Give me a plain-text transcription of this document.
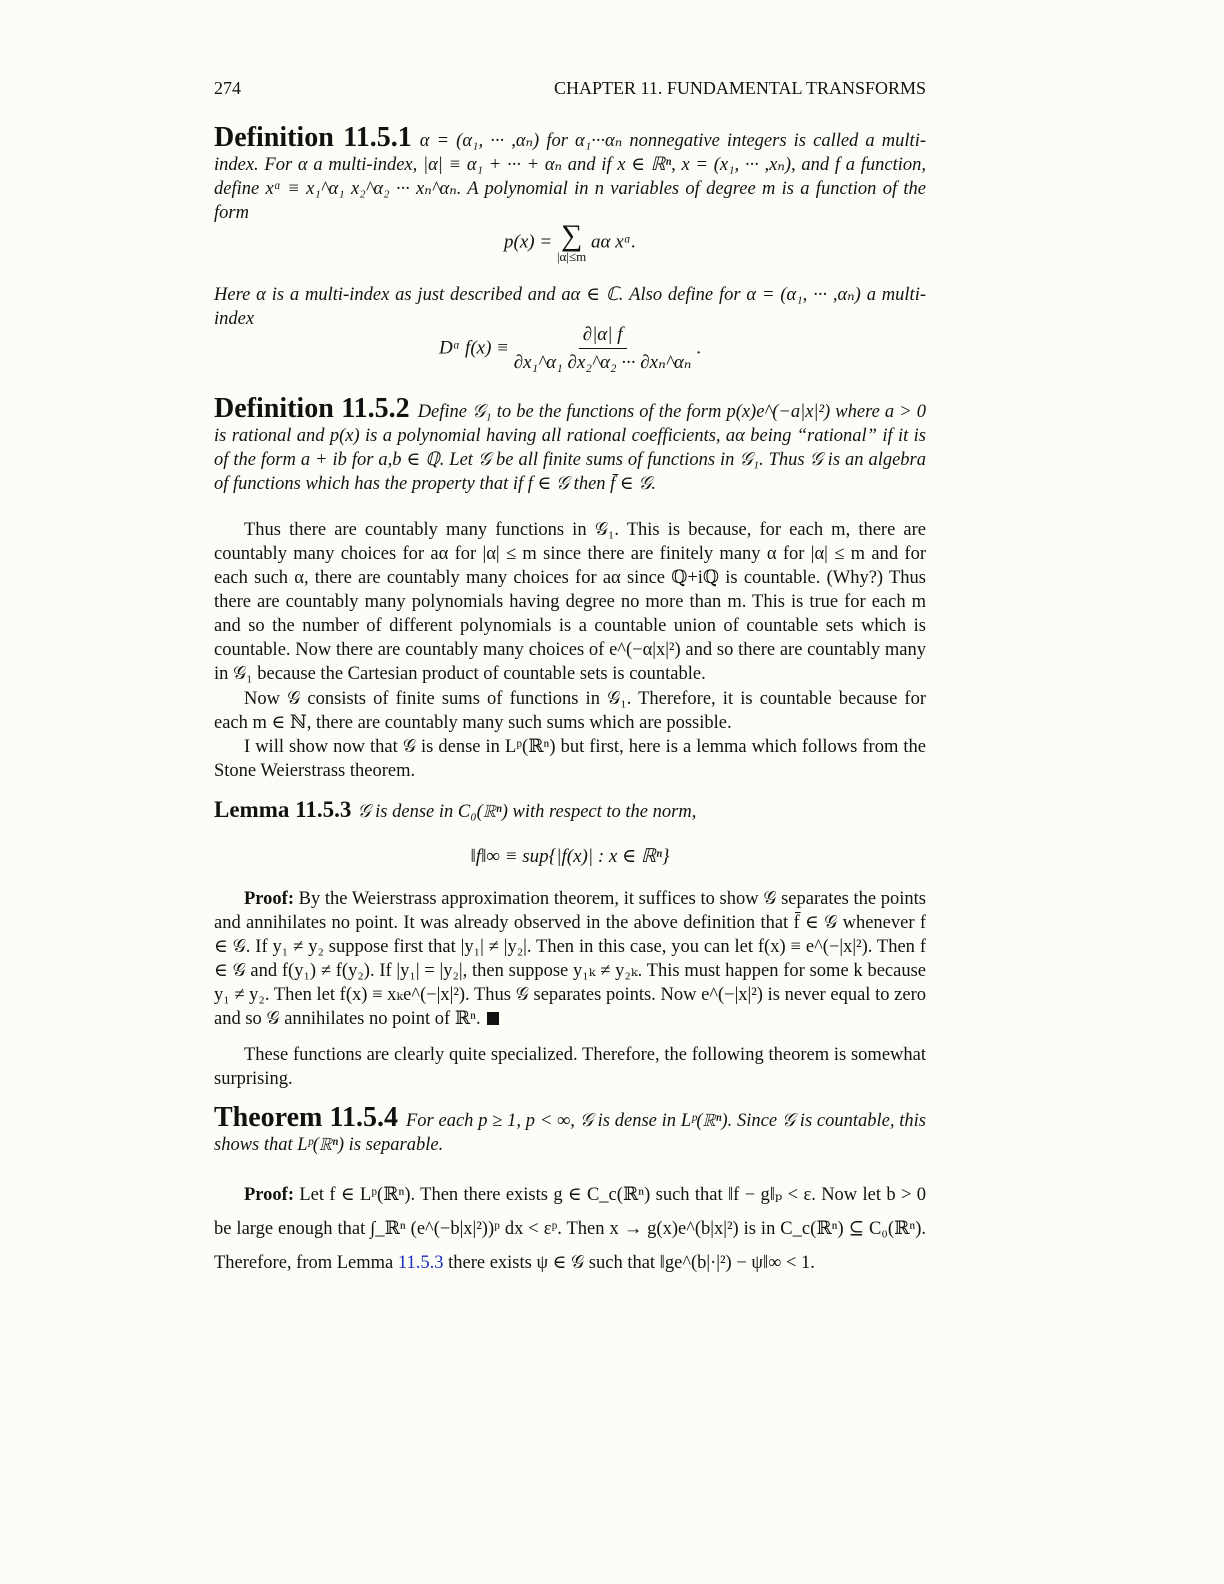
274	CHAPTER 11. FUNDAMENTAL TRANSFORMS
Definition 11.5.1 α = (α₁, ··· ,αₙ) for α₁···αₙ nonnegative integers is called a multi-index. For α a multi-index, |α| ≡ α₁ + ··· + αₙ and if x ∈ ℝⁿ, x = (x₁, ··· ,xₙ), and f a function, define xᵅ ≡ x₁^α₁ x₂^α₂ ··· xₙ^αₙ. A polynomial in n variables of degree m is a function of the form
p(x) = ∑
|α|≤m
aα xᵅ.
Here α is a multi-index as just described and aα ∈ ℂ. Also define for α = (α₁, ··· ,αₙ) a multi-index
Dᵅ $f(x) \equiv \frac{\partial|\alpha| f}{\text{∂x₁\textasciicircum{}α₁ ∂x₂\textasciicircum{}α₂ ··· ∂xₙ\textasciicircum{}αₙ}}$ .
Definition 11.5.2 Define 𝒢₁ to be the functions of the form p(x)e^(−a|x|²) where a > 0 is rational and p(x) is a polynomial having all rational coefficients, aα being “rational” if it is of the form a + ib for a,b ∈ ℚ. Let 𝒢 be all finite sums of functions in 𝒢₁. Thus 𝒢 is an algebra of functions which has the property that if f ∈ 𝒢 then f̄ ∈ 𝒢.
Thus there are countably many functions in 𝒢₁. This is because, for each m, there are countably many choices for aα for |α| ≤ m since there are finitely many α for |α| ≤ m and for each such α, there are countably many choices for aα since ℚ+iℚ is countable. (Why?) Thus there are countably many polynomials having degree no more than m. This is true for each m and so the number of different polynomials is a countable union of countable sets which is countable. Now there are countably many choices of e^(−α|x|²) and so there are countably many in 𝒢₁ because the Cartesian product of countable sets is countable.
Now 𝒢 consists of finite sums of functions in 𝒢₁. Therefore, it is countable because for each m ∈ ℕ, there are countably many such sums which are possible.
I will show now that 𝒢 is dense in Lᵖ(ℝⁿ) but first, here is a lemma which follows from the Stone Weierstrass theorem.
Lemma 11.5.3 𝒢 is dense in C₀(ℝⁿ) with respect to the norm,
‖f‖∞ ≡ sup{|f(x)| : x ∈ ℝⁿ}
Proof: By the Weierstrass approximation theorem, it suffices to show 𝒢 separates the points and annihilates no point. It was already observed in the above definition that f̄ ∈ 𝒢 whenever f ∈ 𝒢. If y₁ ≠ y₂ suppose first that |y₁| ≠ |y₂|. Then in this case, you can let f(x) ≡ e^(−|x|²). Then f ∈ 𝒢 and f(y₁) ≠ f(y₂). If |y₁| = |y₂|, then suppose y₁ₖ ≠ y₂ₖ. This must happen for some k because y₁ ≠ y₂. Then let f(x) ≡ xₖe^(−|x|²). Thus 𝒢 separates points. Now e^(−|x|²) is never equal to zero and so 𝒢 annihilates no point of ℝⁿ.
These functions are clearly quite specialized. Therefore, the following theorem is somewhat surprising.
Theorem 11.5.4 For each p ≥ 1, p < ∞, 𝒢 is dense in Lᵖ(ℝⁿ). Since 𝒢 is countable, this shows that Lᵖ(ℝⁿ) is separable.
Proof: Let f ∈ Lᵖ(ℝⁿ). Then there exists g ∈ C_c(ℝⁿ) such that ‖f − g‖ₚ < ε. Now let b > 0 be large enough that ∫_ℝⁿ (e^(−b|x|²))ᵖ dx < εᵖ. Then x → g(x)e^(b|x|²) is in C_c(ℝⁿ) ⊆ C₀(ℝⁿ). Therefore, from Lemma 11.5.3 there exists ψ ∈ 𝒢 such that ‖ge^(b|·|²) − ψ‖∞ < 1.
